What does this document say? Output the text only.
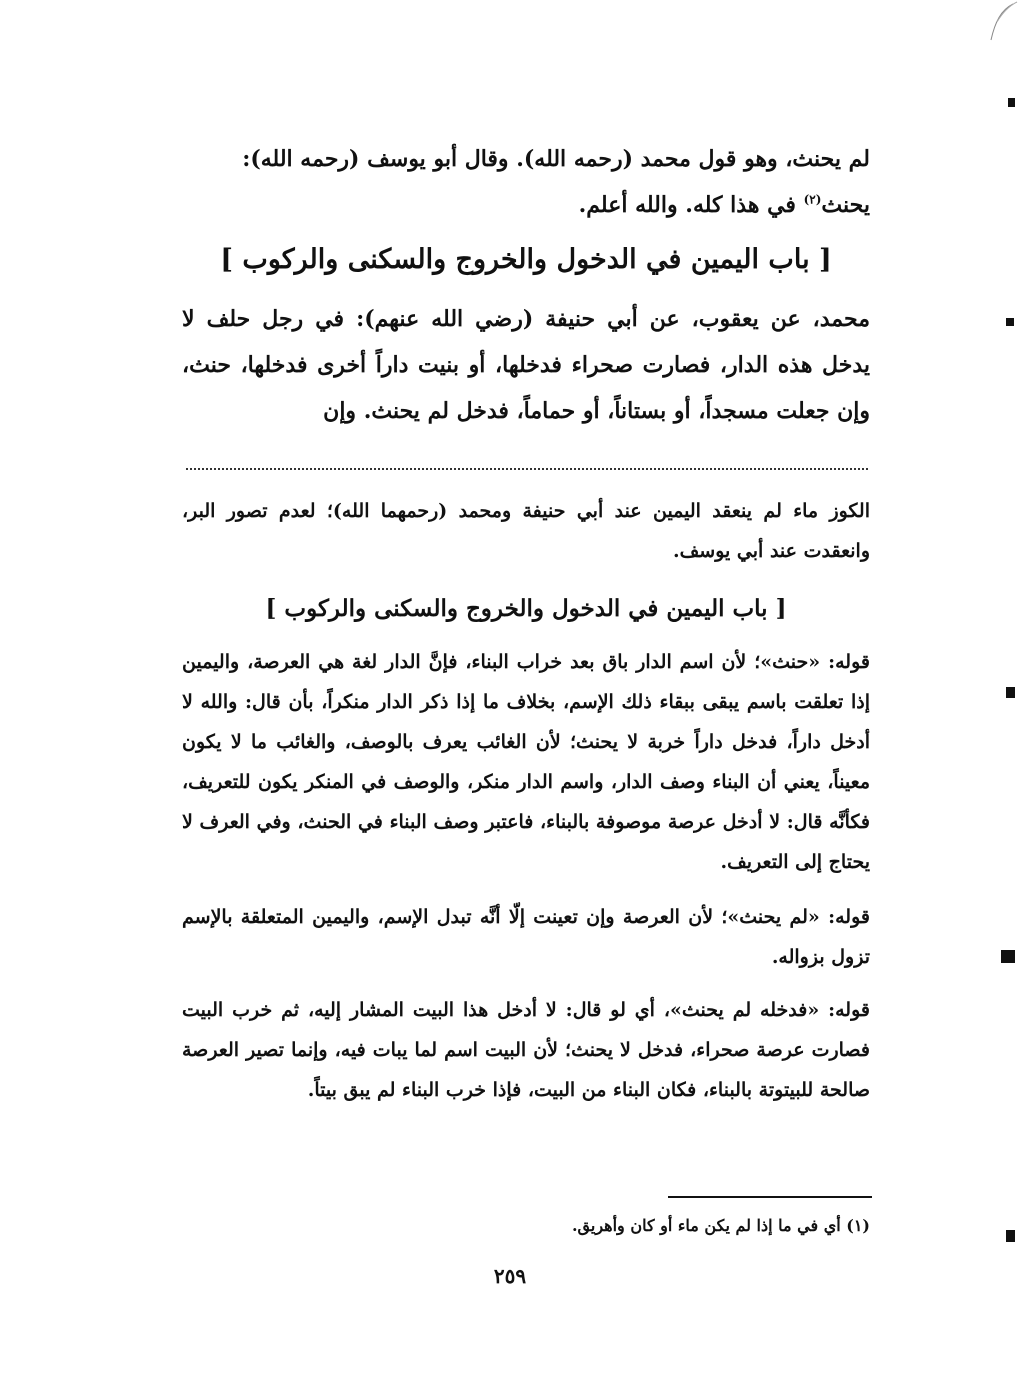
لم يحنث، وهو قول محمد (رحمه الله). وقال أبو يوسف (رحمه الله):
يحنث$^{(٢)}$ في هذا كله. والله أعلم.
[ باب اليمين في الدخول والخروج والسكنى والركوب ]
محمد، عن يعقوب، عن أبي حنيفة (رضي الله عنهم): في رجل حلف لا يدخل هذه الدار، فصارت صحراء فدخلها، أو بنيت داراً أخرى فدخلها، حنث، وإن جعلت مسجداً، أو بستاناً، أو حماماً، فدخل لم يحنث. وإن
الكوز ماء لم ينعقد اليمين عند أبي حنيفة ومحمد (رحمهما الله)؛ لعدم تصور البر، وانعقدت عند أبي يوسف.
[ باب اليمين في الدخول والخروج والسكنى والركوب ]
قوله: «حنث»؛ لأن اسم الدار باق بعد خراب البناء، فإنَّ الدار لغة هي العرصة، واليمين إذا تعلقت باسم يبقى ببقاء ذلك الإسم، بخلاف ما إذا ذكر الدار منكراً، بأن قال: والله لا أدخل داراً، فدخل داراً خربة لا يحنث؛ لأن الغائب يعرف بالوصف، والغائب ما لا يكون معيناً، يعني أن البناء وصف الدار، واسم الدار منكر، والوصف في المنكر يكون للتعريف، فكأنَّه قال: لا أدخل عرصة موصوفة بالبناء، فاعتبر وصف البناء في الحنث، وفي العرف لا يحتاج إلى التعريف.
قوله: «لم يحنث»؛ لأن العرصة وإن تعينت إلّا أنَّه تبدل الإسم، واليمين المتعلقة بالإسم تزول بزواله.
قوله: «فدخله لم يحنث»، أي لو قال: لا أدخل هذا البيت المشار إليه، ثم خرب البيت فصارت عرصة صحراء، فدخل لا يحنث؛ لأن البيت اسم لما يبات فيه، وإنما تصير العرصة صالحة للبيتوتة بالبناء، فكان البناء من البيت، فإذا خرب البناء لم يبق بيتاً.
(١) أي في ما إذا لم يكن ماء أو كان وأهريق.
٢٥٩
